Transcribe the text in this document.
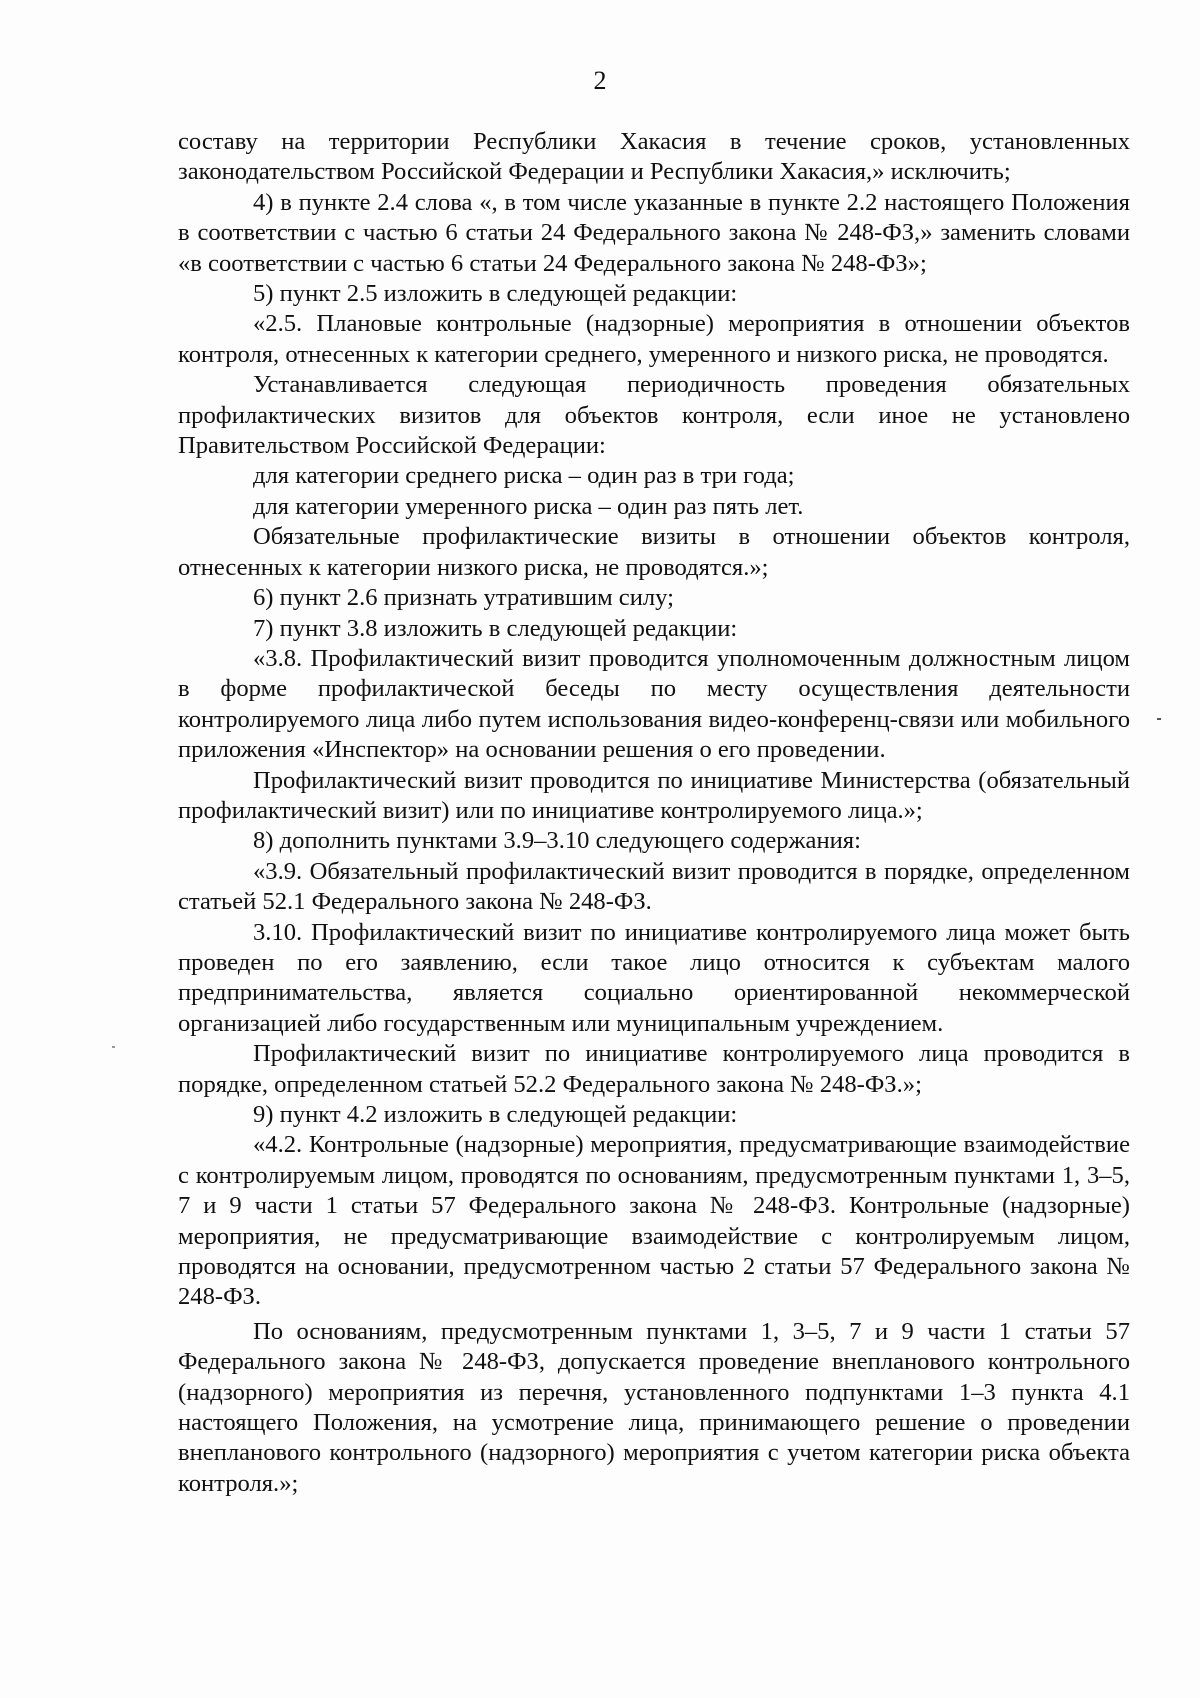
2

составу на территории Республики Хакасия в течение сроков, установленных законодательством Российской Федерации и Республики Хакасия,» исключить;

4) в пункте 2.4 слова «, в том числе указанные в пункте 2.2 настоящего Положения в соответствии с частью 6 статьи 24 Федерального закона № 248-ФЗ,» заменить словами «в соответствии с частью 6 статьи 24 Федерального закона № 248-ФЗ»;

5) пункт 2.5 изложить в следующей редакции:

«2.5. Плановые контрольные (надзорные) мероприятия в отношении объектов контроля, отнесенных к категории среднего, умеренного и низкого риска, не проводятся.

Устанавливается следующая периодичность проведения обязательных профилактических визитов для объектов контроля, если иное не установлено Правительством Российской Федерации:

для категории среднего риска – один раз в три года;

для категории умеренного риска – один раз пять лет.

Обязательные профилактические визиты в отношении объектов контроля, отнесенных к категории низкого риска, не проводятся.»;

6) пункт 2.6 признать утратившим силу;

7) пункт 3.8 изложить в следующей редакции:

«3.8. Профилактический визит проводится уполномоченным должностным лицом в форме профилактической беседы по месту осуществления деятельности контролируемого лица либо путем использования видео-конференц-связи или мобильного приложения «Инспектор» на основании решения о его проведении.

Профилактический визит проводится по инициативе Министерства (обязательный профилактический визит) или по инициативе контролируемого лица.»;

8) дополнить пунктами 3.9–3.10 следующего содержания:

«3.9. Обязательный профилактический визит проводится в порядке, определенном статьей 52.1 Федерального закона № 248-ФЗ.

3.10. Профилактический визит по инициативе контролируемого лица может быть проведен по его заявлению, если такое лицо относится к субъектам малого предпринимательства, является социально ориентированной некоммерческой организацией либо государственным или муниципальным учреждением.

Профилактический визит по инициативе контролируемого лица проводится в порядке, определенном статьей 52.2 Федерального закона № 248-ФЗ.»;

9) пункт 4.2 изложить в следующей редакции:

«4.2. Контрольные (надзорные) мероприятия, предусматривающие взаимодействие с контролируемым лицом, проводятся по основаниям, предусмотренным пунктами 1, 3–5, 7 и 9 части 1 статьи 57 Федерального закона № 248-ФЗ. Контрольные (надзорные) мероприятия, не предусматривающие взаимодействие с контролируемым лицом, проводятся на основании, предусмотренном частью 2 статьи 57 Федерального закона № 248-ФЗ.

По основаниям, предусмотренным пунктами 1, 3–5, 7 и 9 части 1 статьи 57 Федерального закона № 248-ФЗ, допускается проведение внепланового контрольного (надзорного) мероприятия из перечня, установленного подпунктами 1–3 пункта 4.1 настоящего Положения, на усмотрение лица, принимающего решение о проведении внепланового контрольного (надзорного) мероприятия с учетом категории риска объекта контроля.»;
